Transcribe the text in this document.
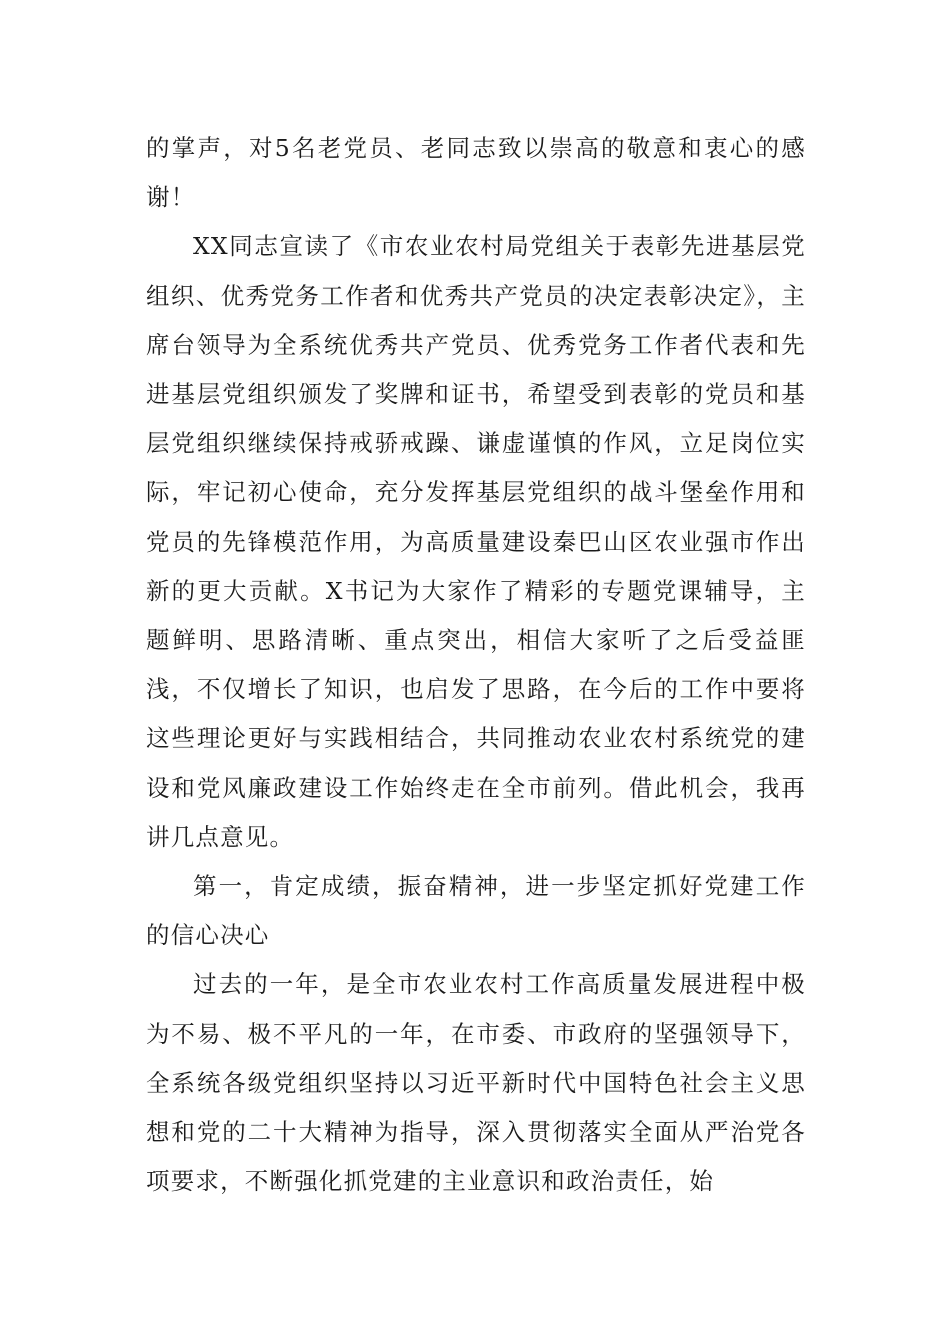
的掌声，对5名老党员、老同志致以崇高的敬意和衷心的感谢！

XX同志宣读了《市农业农村局党组关于表彰先进基层党组织、优秀党务工作者和优秀共产党员的决定表彰决定》，主席台领导为全系统优秀共产党员、优秀党务工作者代表和先进基层党组织颁发了奖牌和证书，希望受到表彰的党员和基层党组织继续保持戒骄戒躁、谦虚谨慎的作风，立足岗位实际，牢记初心使命，充分发挥基层党组织的战斗堡垒作用和党员的先锋模范作用，为高质量建设秦巴山区农业强市作出新的更大贡献。X书记为大家作了精彩的专题党课辅导，主题鲜明、思路清晰、重点突出，相信大家听了之后受益匪浅，不仅增长了知识，也启发了思路，在今后的工作中要将这些理论更好与实践相结合，共同推动农业农村系统党的建设和党风廉政建设工作始终走在全市前列。借此机会，我再讲几点意见。

第一，肯定成绩，振奋精神，进一步坚定抓好党建工作的信心决心

过去的一年，是全市农业农村工作高质量发展进程中极为不易、极不平凡的一年，在市委、市政府的坚强领导下，全系统各级党组织坚持以习近平新时代中国特色社会主义思想和党的二十大精神为指导，深入贯彻落实全面从严治党各项要求，不断强化抓党建的主业意识和政治责任，始
